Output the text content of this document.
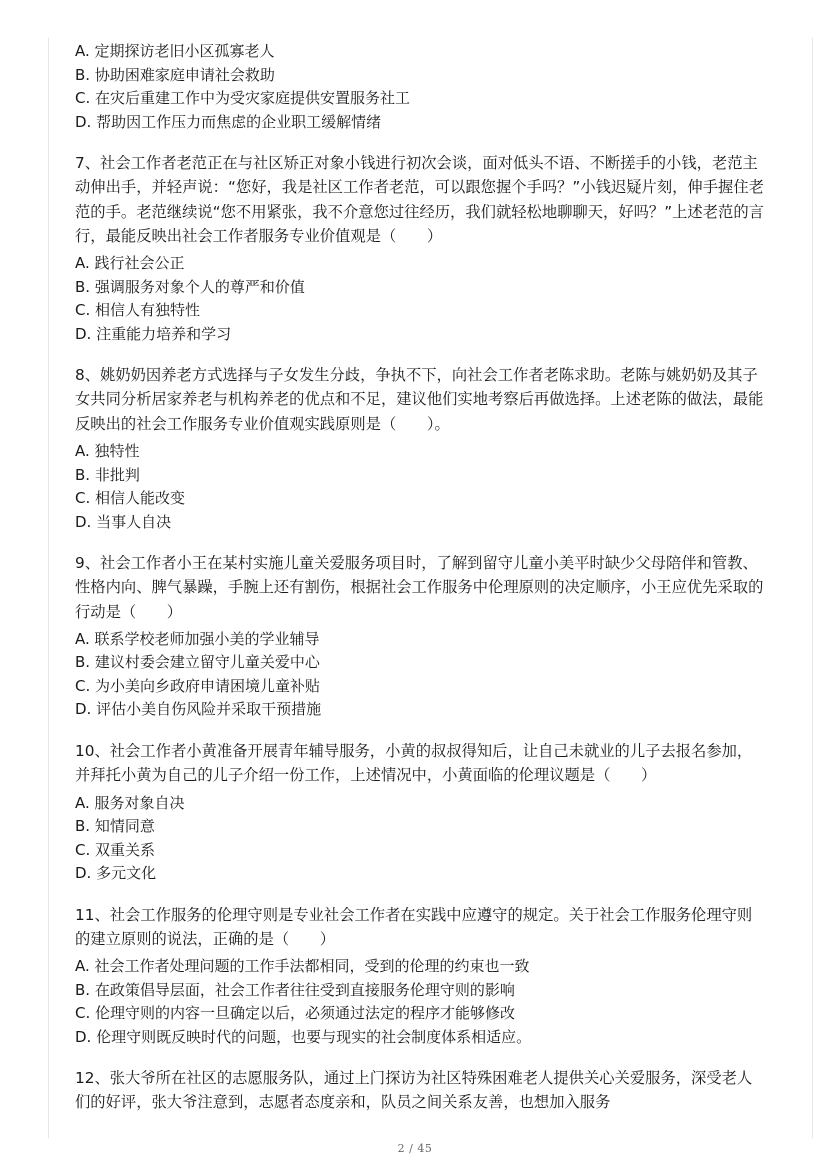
A. 定期探访老旧小区孤寡老人
B. 协助困难家庭申请社会救助
C. 在灾后重建工作中为受灾家庭提供安置服务社工
D. 帮助因工作压力而焦虑的企业职工缓解情绪

7、社会工作者老范正在与社区矫正对象小钱进行初次会谈，面对低头不语、不断搓手的小钱，老范主动伸出手，并轻声说：“您好，我是社区工作者老范，可以跟您握个手吗？”小钱迟疑片刻，伸手握住老范的手。老范继续说“您不用紧张，我不介意您过往经历，我们就轻松地聊聊天，好吗？”上述老范的言行，最能反映出社会工作者服务专业价值观是（　　）

A. 践行社会公正
B. 强调服务对象个人的尊严和价值
C. 相信人有独特性
D. 注重能力培养和学习

8、姚奶奶因养老方式选择与子女发生分歧，争执不下，向社会工作者老陈求助。老陈与姚奶奶及其子女共同分析居家养老与机构养老的优点和不足，建议他们实地考察后再做选择。上述老陈的做法，最能反映出的社会工作服务专业价值观实践原则是（　　）。

A. 独特性
B. 非批判
C. 相信人能改变
D. 当事人自决

9、社会工作者小王在某村实施儿童关爱服务项目时，了解到留守儿童小美平时缺少父母陪伴和管教、性格内向、脾气暴躁，手腕上还有割伤，根据社会工作服务中伦理原则的决定顺序，小王应优先采取的行动是（　　）

A. 联系学校老师加强小美的学业辅导
B. 建议村委会建立留守儿童关爱中心
C. 为小美向乡政府申请困境儿童补贴
D. 评估小美自伤风险并采取干预措施

10、社会工作者小黄准备开展青年辅导服务，小黄的叔叔得知后，让自己未就业的儿子去报名参加，并拜托小黄为自己的儿子介绍一份工作，上述情况中，小黄面临的伦理议题是（　　）

A. 服务对象自决
B. 知情同意
C. 双重关系
D. 多元文化

11、社会工作服务的伦理守则是专业社会工作者在实践中应遵守的规定。关于社会工作服务伦理守则的建立原则的说法，正确的是（　　）

A. 社会工作者处理问题的工作手法都相同，受到的伦理的约束也一致
B. 在政策倡导层面，社会工作者往往受到直接服务伦理守则的影响
C. 伦理守则的内容一旦确定以后，必须通过法定的程序才能够修改
D. 伦理守则既反映时代的问题，也要与现实的社会制度体系相适应。

12、张大爷所在社区的志愿服务队，通过上门探访为社区特殊困难老人提供关心关爱服务，深受老人们的好评，张大爷注意到，志愿者态度亲和，队员之间关系友善，也想加入服务

2 / 45
